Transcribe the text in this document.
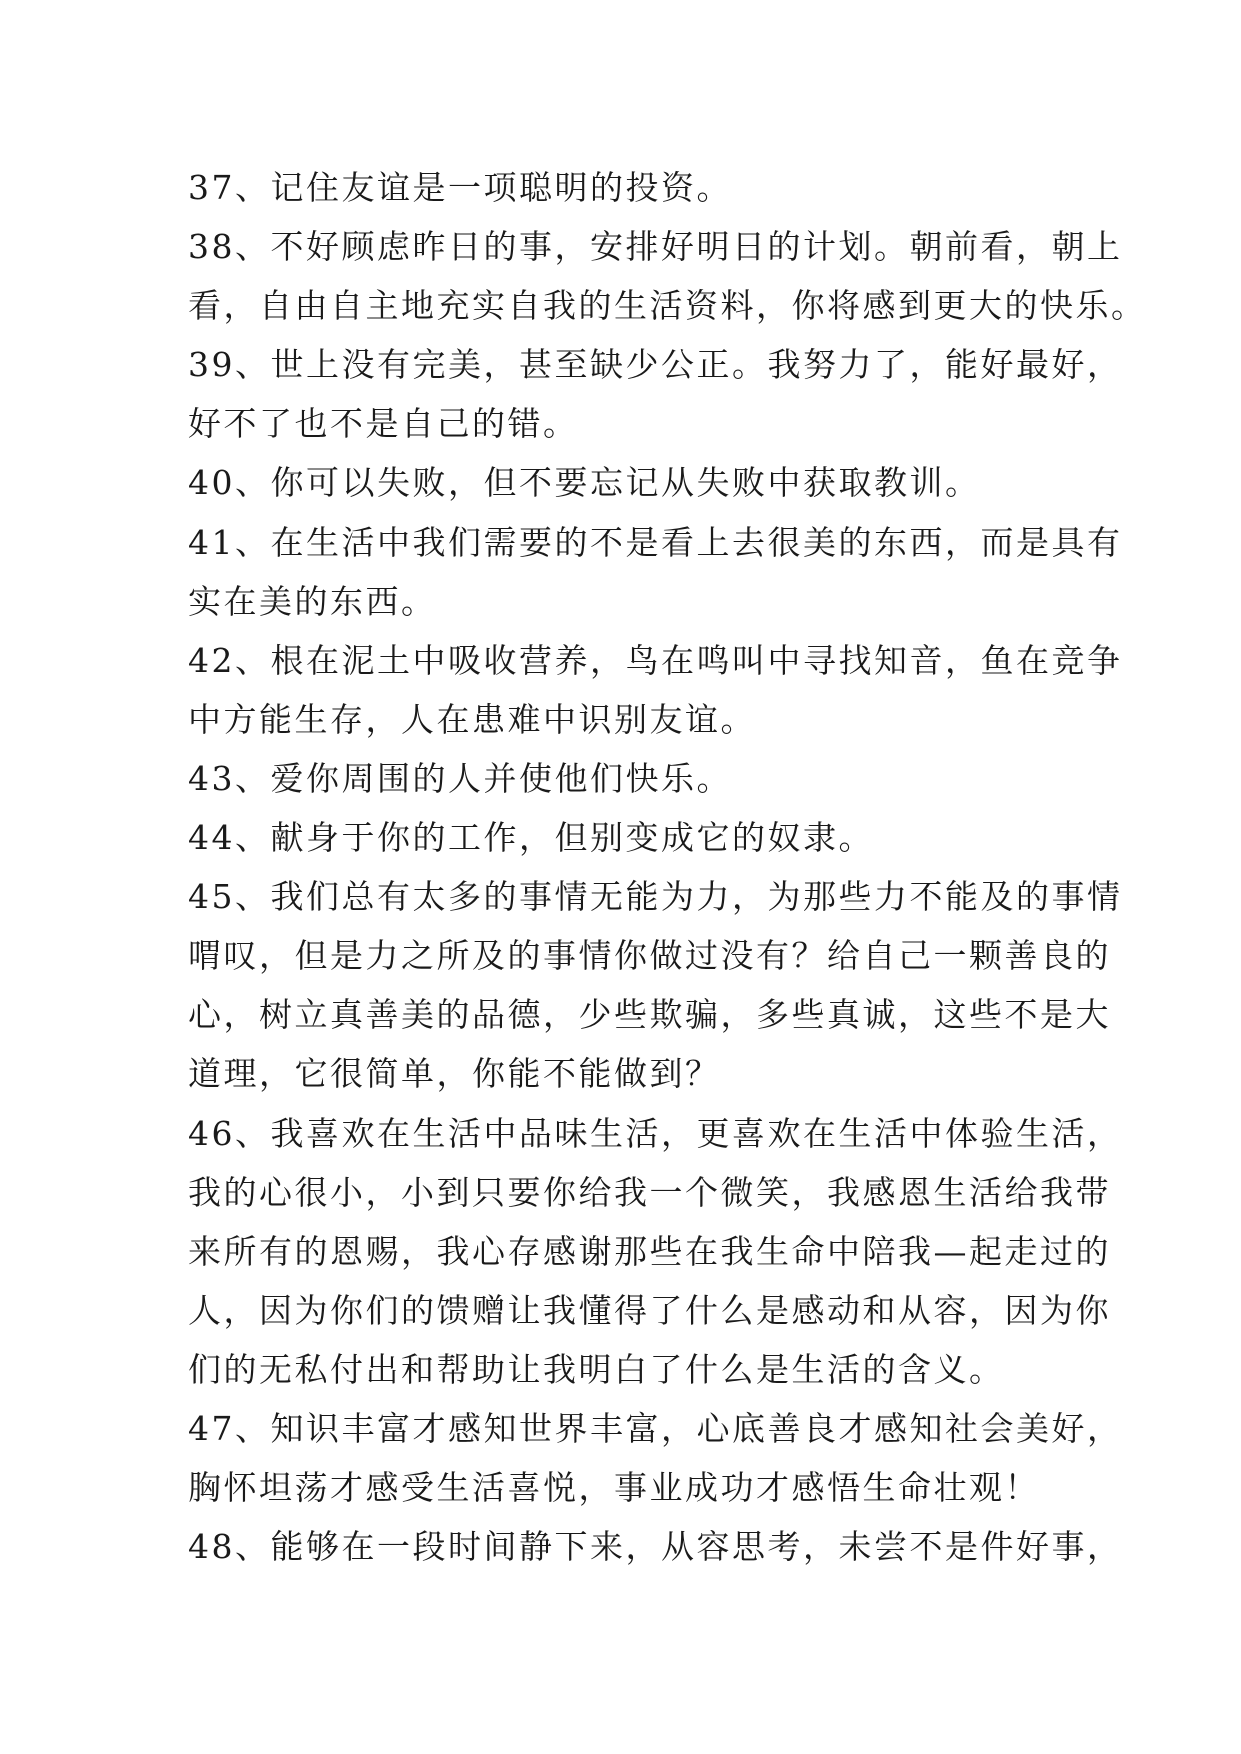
37、记住友谊是一项聪明的投资。
38、不好顾虑昨日的事，安排好明日的计划。朝前看，朝上
看，自由自主地充实自我的生活资料，你将感到更大的快乐。
39、世上没有完美，甚至缺少公正。我努力了，能好最好，
好不了也不是自己的错。
40、你可以失败，但不要忘记从失败中获取教训。
41、在生活中我们需要的不是看上去很美的东西，而是具有
实在美的东西。
42、根在泥土中吸收营养，鸟在鸣叫中寻找知音，鱼在竞争
中方能生存，人在患难中识别友谊。
43、爱你周围的人并使他们快乐。
44、献身于你的工作，但别变成它的奴隶。
45、我们总有太多的事情无能为力，为那些力不能及的事情
喟叹，但是力之所及的事情你做过没有？给自己一颗善良的
心，树立真善美的品德，少些欺骗，多些真诚，这些不是大
道理，它很简单，你能不能做到？
46、我喜欢在生活中品味生活，更喜欢在生活中体验生活，
我的心很小，小到只要你给我一个微笑，我感恩生活给我带
来所有的恩赐，我心存感谢那些在我生命中陪我—起走过的
人，因为你们的馈赠让我懂得了什么是感动和从容，因为你
们的无私付出和帮助让我明白了什么是生活的含义。
47、知识丰富才感知世界丰富，心底善良才感知社会美好，
胸怀坦荡才感受生活喜悦，事业成功才感悟生命壮观！
48、能够在一段时间静下来，从容思考，未尝不是件好事，
